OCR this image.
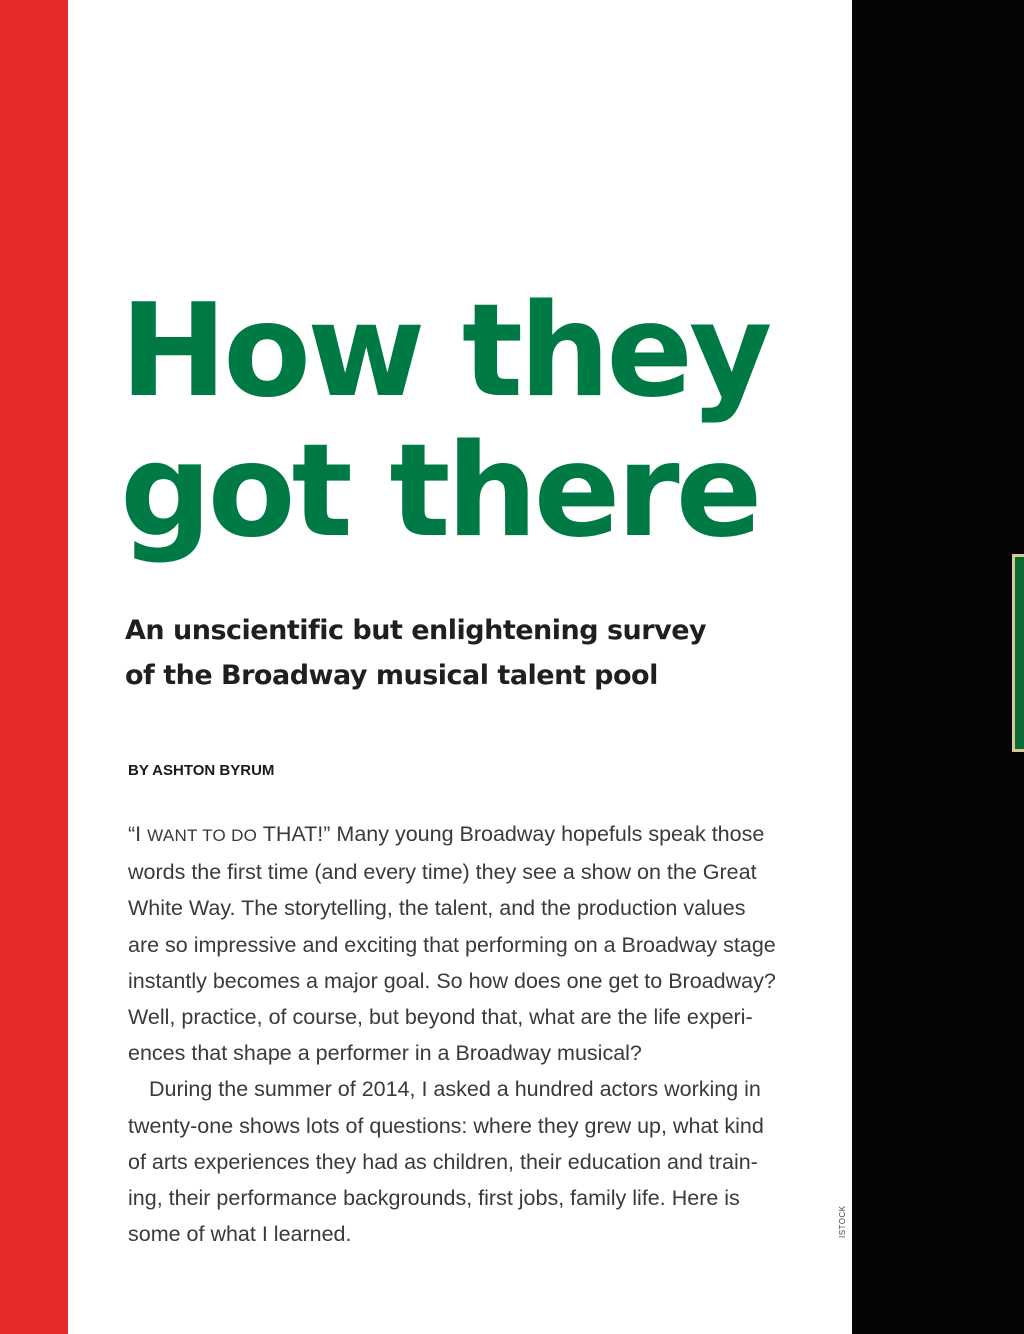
How they
got there
An unscientific but enlightening survey
of the Broadway musical talent pool
BY ASHTON BYRUM
“I WANT TO DO THAT!” Many young Broadway hopefuls speak those
words the first time (and every time) they see a show on the Great
White Way. The storytelling, the talent, and the production values
are so impressive and exciting that performing on a Broadway stage
instantly becomes a major goal. So how does one get to Broadway?
Well, practice, of course, but beyond that, what are the life experi-
ences that shape a performer in a Broadway musical?
During the summer of 2014, I asked a hundred actors working in
twenty-one shows lots of questions: where they grew up, what kind
of arts experiences they had as children, their education and train-
ing, their performance backgrounds, first jobs, family life. Here is
some of what I learned.	ISTOCK
